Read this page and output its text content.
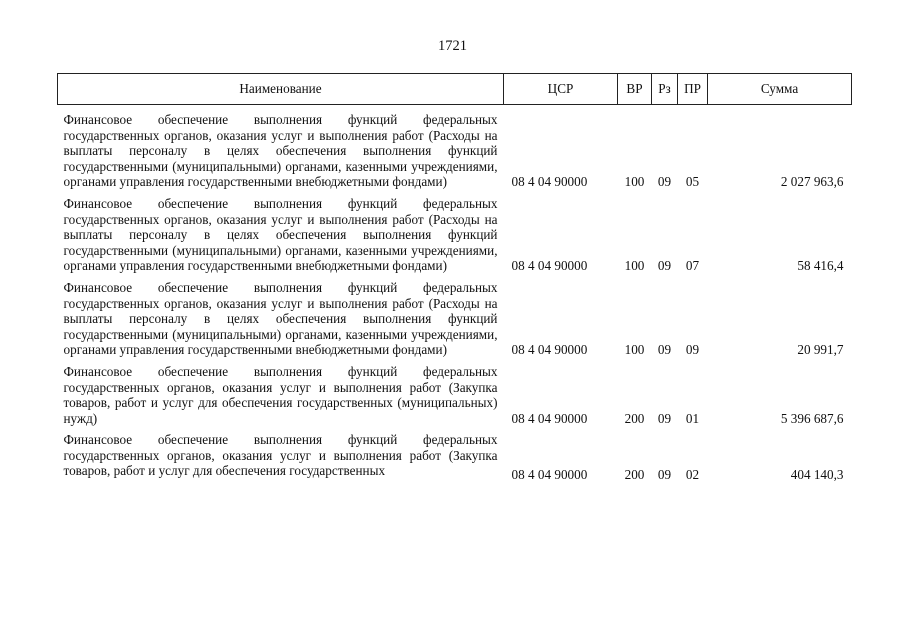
1721
Наименование	ЦСР	ВР	Рз	ПР	Сумма
Финансовое обеспечение выполнения функций федеральных государственных органов, оказания услуг и выполнения работ (Расходы на выплаты персоналу в целях обеспечения выполнения функций государственными (муниципальными) органами, казенными учреждениями, органами управления государственными внебюджетными фондами)	08 4 04 90000	100	09	05	2 027 963,6
Финансовое обеспечение выполнения функций федеральных государственных органов, оказания услуг и выполнения работ (Расходы на выплаты персоналу в целях обеспечения выполнения функций государственными (муниципальными) органами, казенными учреждениями, органами управления государственными внебюджетными фондами)	08 4 04 90000	100	09	07	58 416,4
Финансовое обеспечение выполнения функций федеральных государственных органов, оказания услуг и выполнения работ (Расходы на выплаты персоналу в целях обеспечения выполнения функций государственными (муниципальными) органами, казенными учреждениями, органами управления государственными внебюджетными фондами)	08 4 04 90000	100	09	09	20 991,7
Финансовое обеспечение выполнения функций федеральных государственных органов, оказания услуг и выполнения работ (Закупка товаров, работ и услуг для обеспечения государственных (муниципальных) нужд)	08 4 04 90000	200	09	01	5 396 687,6
Финансовое обеспечение выполнения функций федеральных государственных органов, оказания услуг и выполнения работ (Закупка товаров, работ и услуг для обеспечения государственных	08 4 04 90000	200	09	02	404 140,3
